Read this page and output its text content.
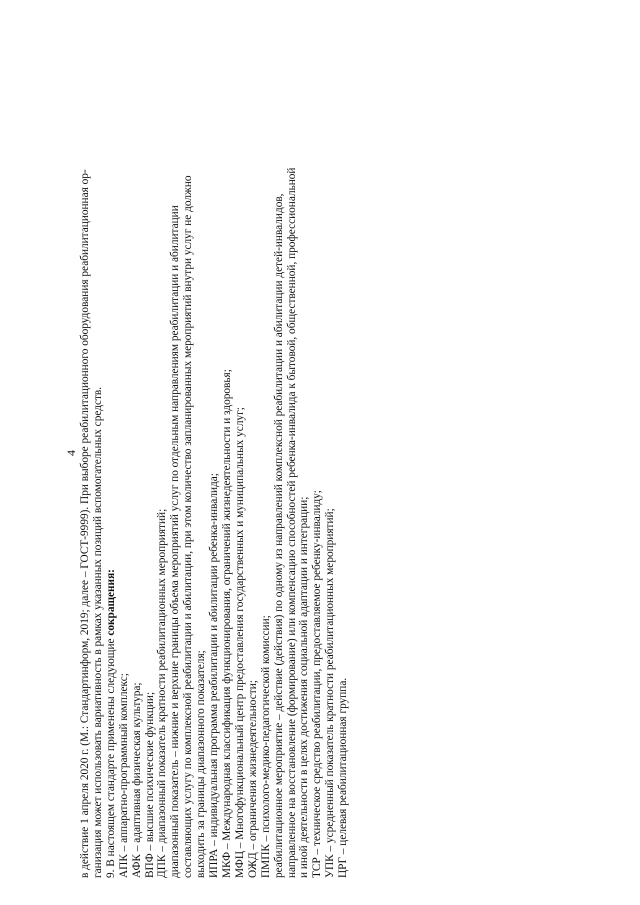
4 в действие 1 апреля 2020 г. (М.: Стандартинформ, 2019; далее – ГОСТ-9999). При выборе реабилитационного оборудования реабилитационная ор- ганизация может использовать вариативность в рамках указанных позиций вспомогательных средств. 9. В настоящем стандарте применены следующие сокращения:
АПК – аппаратно-программный комплекс; АФК – адаптивная физическая культура; ВПФ – высшие психические функции; ДПК – диапазонный показатель кратности реабилитационных мероприятий; диапазонный показатель – нижние и верхние границы объема мероприятий услуг по отдельным направлениям реабилитации и абилитации составляющих услугу по комплексной реабилитации и абилитации, при этом количество запланированных мероприятий внутри услуг не должно выходить за границы диапазонного показателя; ИПРА – индивидуальная программа реабилитации и абилитации ребенка-инвалида; МКФ – Международная классификация функционирования, ограничений жизнедеятельности и здоровья; МФЦ – Многофункциональный центр предоставления государственных и муниципальных услуг; ОЖД – ограничения жизнедеятельности; ПМПК – психолого-медико-педагогической комиссии; реабилитационное мероприятие – действие (действия) по одному из направлений комплексной реабилитации и абилитации детей-инвалидов, направленное на восстановление (формирование) или компенсацию способностей ребенка-инвалида к бытовой, общественной, профессиональной и иной деятельности в целях достижения социальной адаптации и интеграции; ТСР – техническое средство реабилитации, предоставляемое ребенку-инвалиду; УПК – усредненный показатель кратности реабилитационных мероприятий; ЦРГ – целевая реабилитационная группа.
